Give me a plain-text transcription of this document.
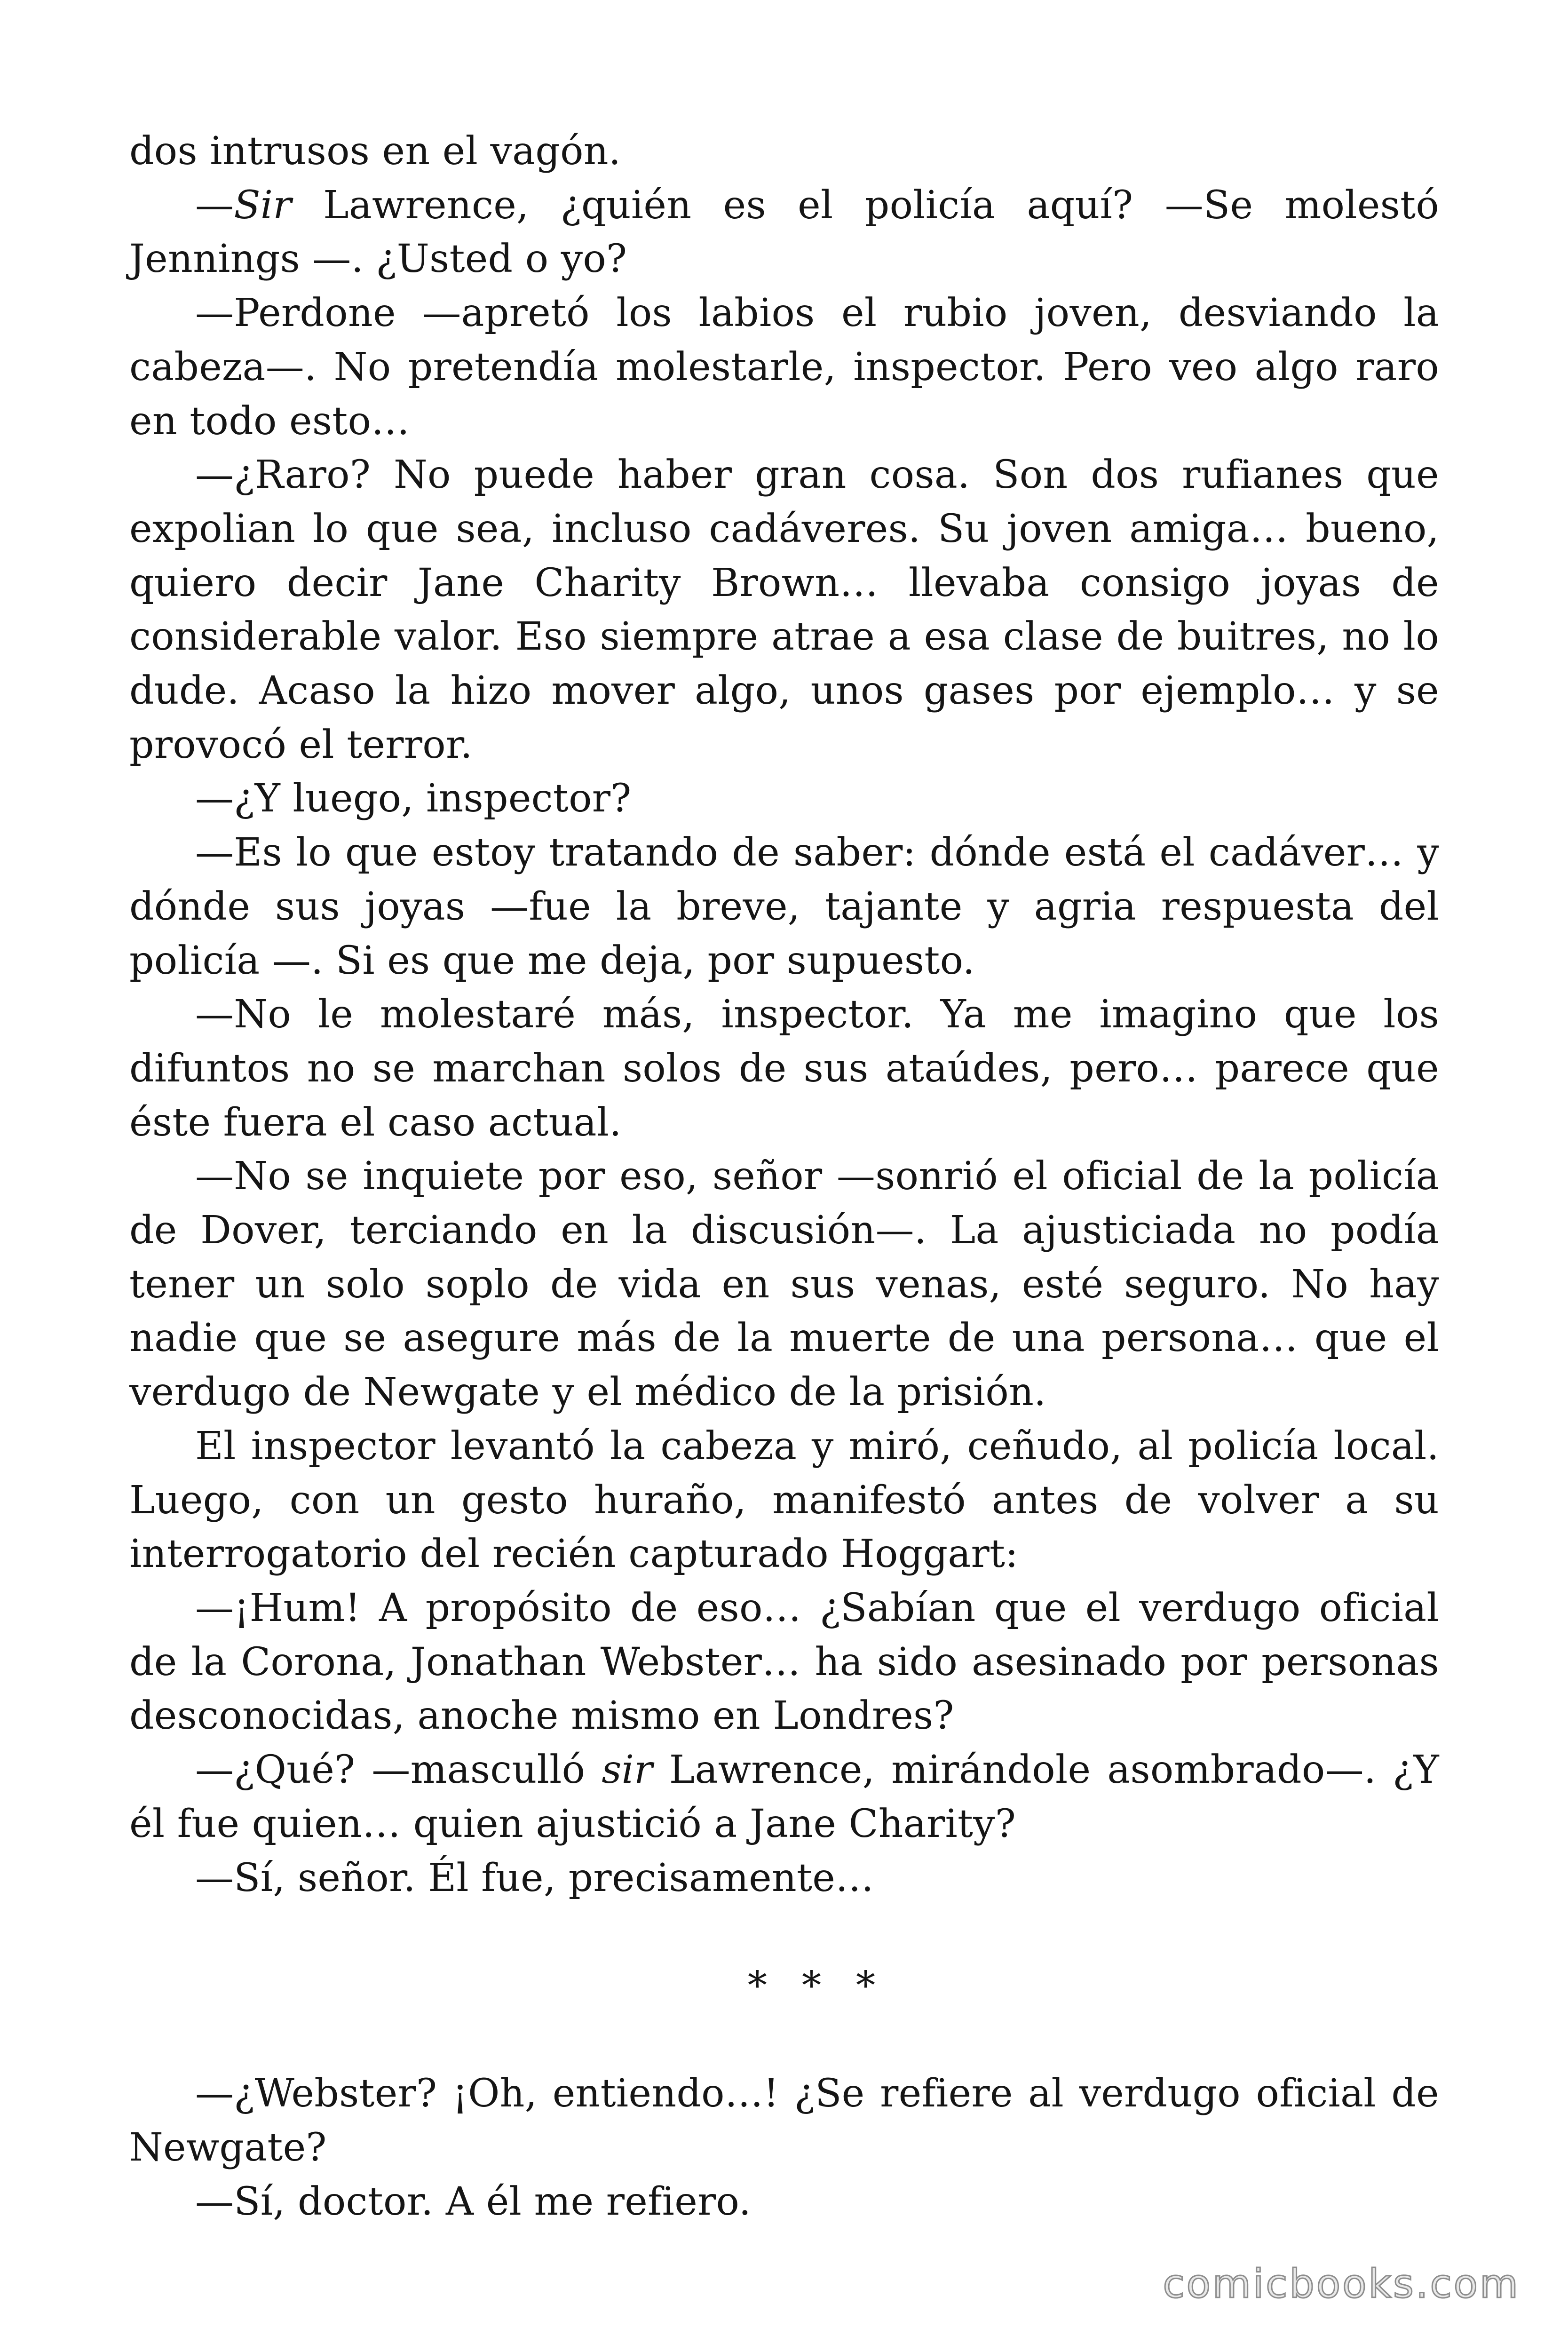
dos intrusos en el vagón.

—Sir Lawrence, ¿quién es el policía aquí? —Se molestó Jennings —. ¿Usted o yo?

—Perdone —apretó los labios el rubio joven, desviando la cabeza—. No pretendía molestarle, inspector. Pero veo algo raro en todo esto…

—¿Raro? No puede haber gran cosa. Son dos rufianes que expolian lo que sea, incluso cadáveres. Su joven amiga… bueno, quiero decir Jane Charity Brown… llevaba consigo joyas de considerable valor. Eso siempre atrae a esa clase de buitres, no lo dude. Acaso la hizo mover algo, unos gases por ejemplo… y se provocó el terror.

—¿Y luego, inspector?

—Es lo que estoy tratando de saber: dónde está el cadáver… y dónde sus joyas —fue la breve, tajante y agria respuesta del policía —. Si es que me deja, por supuesto.

—No le molestaré más, inspector. Ya me imagino que los difuntos no se marchan solos de sus ataúdes, pero… parece que éste fuera el caso actual.

—No se inquiete por eso, señor —sonrió el oficial de la policía de Dover, terciando en la discusión—. La ajusticiada no podía tener un solo soplo de vida en sus venas, esté seguro. No hay nadie que se asegure más de la muerte de una persona… que el verdugo de Newgate y el médico de la prisión.

El inspector levantó la cabeza y miró, ceñudo, al policía local. Luego, con un gesto huraño, manifestó antes de volver a su interrogatorio del recién capturado Hoggart:

—¡Hum! A propósito de eso… ¿Sabían que el verdugo oficial de la Corona, Jonathan Webster… ha sido asesinado por personas desconocidas, anoche mismo en Londres?

—¿Qué? —masculló sir Lawrence, mirándole asombrado—. ¿Y él fue quien… quien ajustició a Jane Charity?

—Sí, señor. Él fue, precisamente…

* * *

—¿Webster? ¡Oh, entiendo…! ¿Se refiere al verdugo oficial de Newgate?

—Sí, doctor. A él me refiero.

comicbooks.com
